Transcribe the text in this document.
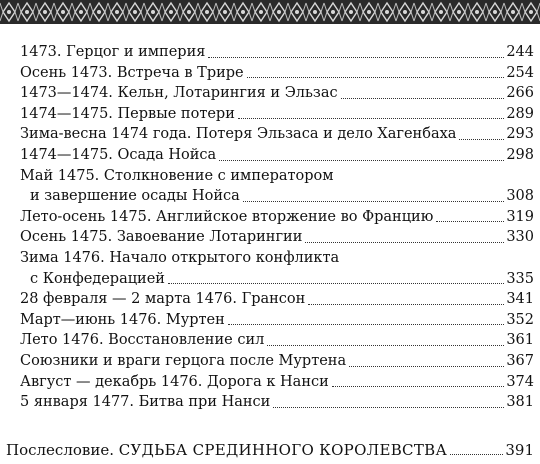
1473. Герцог и империя	244
Осень 1473. Встреча в Трире	254
1473—1474. Кельн, Лотарингия и Эльзас	266
1474—1475. Первые потери	289
Зима-весна 1474 года. Потеря Эльзаса и дело Хагенбаха	293
1474—1475. Осада Нойса	298
Май 1475. Столкновение с императором
и завершение осады Нойса	308
Лето-осень 1475. Английское вторжение во Францию	319
Осень 1475. Завоевание Лотарингии	330
Зима 1476. Начало открытого конфликта
с Конфедерацией	335
28 февраля — 2 марта 1476. Грансон	341
Март—июнь 1476. Муртен	352
Лето 1476. Восстановление сил	361
Союзники и враги герцога после Муртена	367
Август — декабрь 1476. Дорога к Нанси	374
5 января 1477. Битва при Нанси	381
Послесловие.
СУДЬБА СРЕДИННОГО КОРОЛЕВСТВА	391
